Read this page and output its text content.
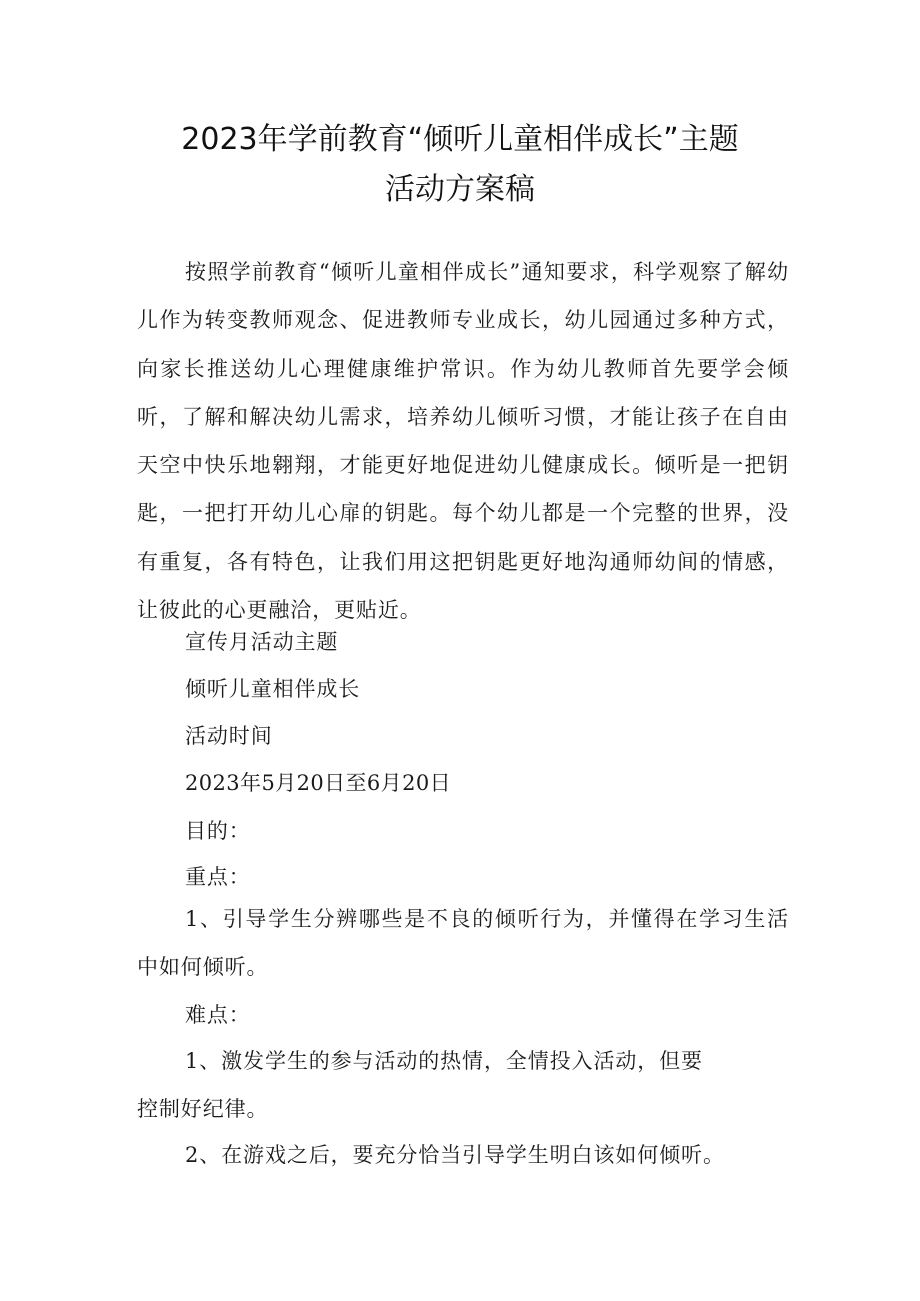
2023年学前教育“倾听儿童相伴成长”主题
活动方案稿

按照学前教育“倾听儿童相伴成长”通知要求，科学观察了解幼儿作为转变教师观念、促进教师专业成长，幼儿园通过多种方式，向家长推送幼儿心理健康维护常识。作为幼儿教师首先要学会倾听，了解和解决幼儿需求，培养幼儿倾听习惯，才能让孩子在自由天空中快乐地翱翔，才能更好地促进幼儿健康成长。倾听是一把钥匙，一把打开幼儿心扉的钥匙。每个幼儿都是一个完整的世界，没有重复，各有特色，让我们用这把钥匙更好地沟通师幼间的情感，让彼此的心更融洽，更贴近。

宣传月活动主题
倾听儿童相伴成长
活动时间
2023年5月20日至6月20日
目的：
重点：

1、引导学生分辨哪些是不良的倾听行为，并懂得在学习生活中如何倾听。

难点：
1、激发学生的参与活动的热情，全情投入活动，但要
控制好纪律。
2、在游戏之后，要充分恰当引导学生明白该如何倾听。
